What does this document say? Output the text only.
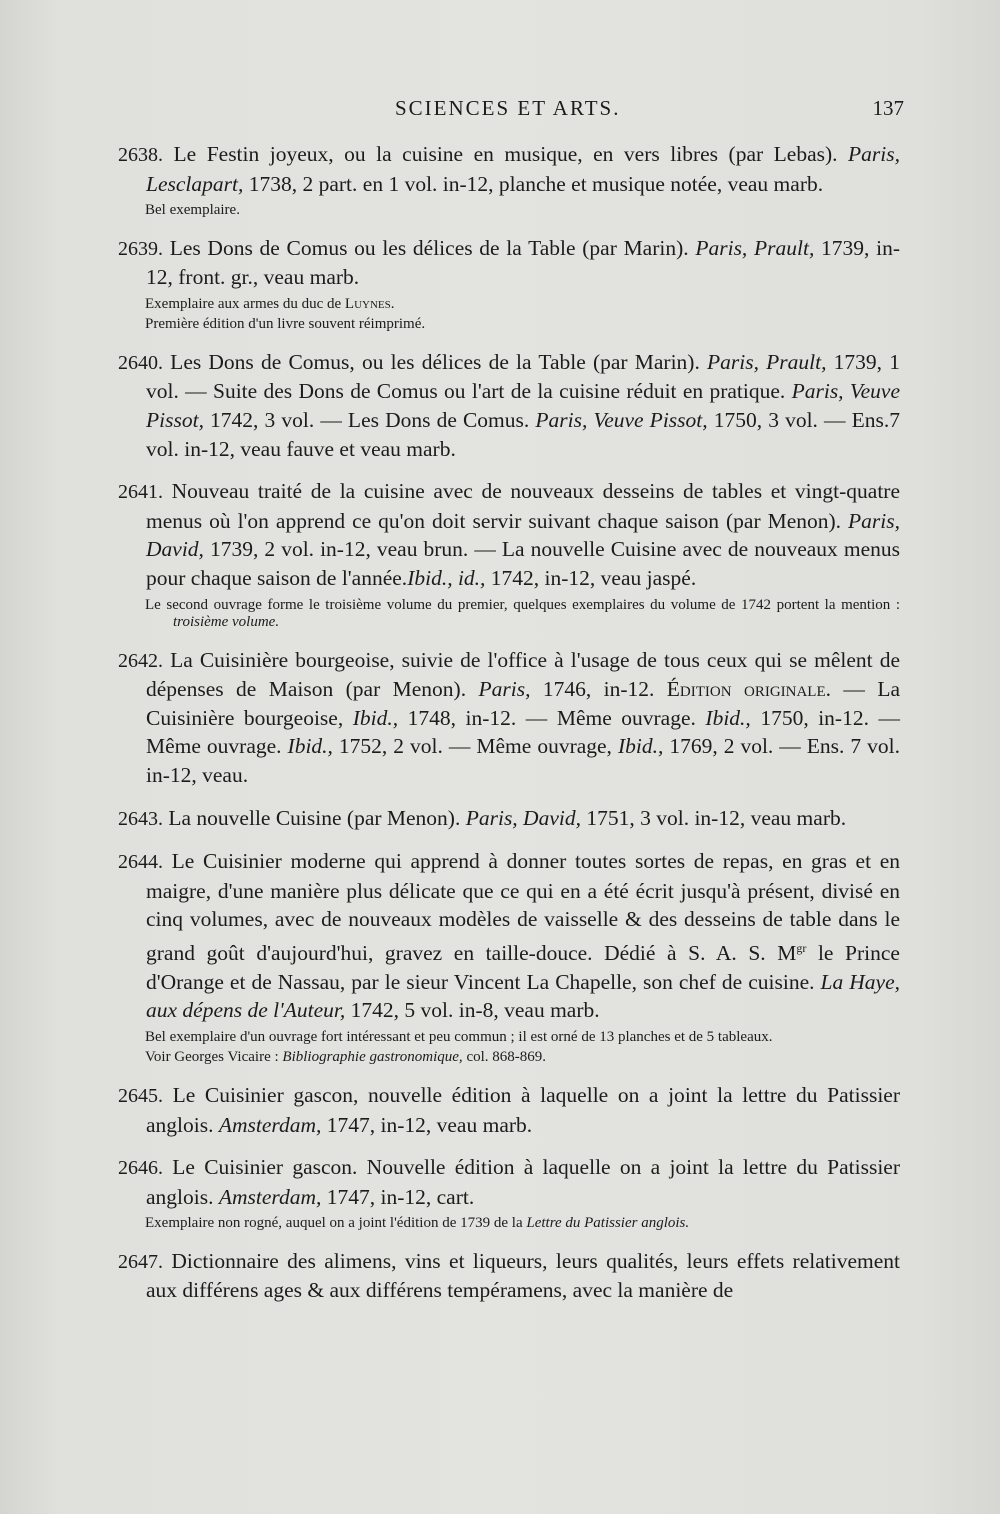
SCIENCES ET ARTS.	137
2638. Le Festin joyeux, ou la cuisine en musique, en vers libres (par Lebas). Paris, Lesclapart, 1738, 2 part. en 1 vol. in-12, planche et musique notée, veau marb.

Bel exemplaire.

2639. Les Dons de Comus ou les délices de la Table (par Marin). Paris, Prault, 1739, in-12, front. gr., veau marb.

Exemplaire aux armes du duc de Luynes.

Première édition d'un livre souvent réimprimé.

2640. Les Dons de Comus, ou les délices de la Table (par Marin). Paris, Prault, 1739, 1 vol. — Suite des Dons de Comus ou l'art de la cuisine réduit en pratique. Paris, Veuve Pissot, 1742, 3 vol. — Les Dons de Comus. Paris, Veuve Pissot, 1750, 3 vol. — Ens.7 vol. in-12, veau fauve et veau marb.
2641. Nouveau traité de la cuisine avec de nouveaux desseins de tables et vingt-quatre menus où l'on apprend ce qu'on doit servir suivant chaque saison (par Menon). Paris, David, 1739, 2 vol. in-12, veau brun. — La nouvelle Cuisine avec de nouveaux menus pour chaque saison de l'année.Ibid., id., 1742, in-12, veau jaspé.

Le second ouvrage forme le troisième volume du premier, quelques exemplaires du volume de 1742 portent la mention : troisième volume.

2642. La Cuisinière bourgeoise, suivie de l'office à l'usage de tous ceux qui se mêlent de dépenses de Maison (par Menon). Paris, 1746, in-12. Édition originale. — La Cuisinière bourgeoise, Ibid., 1748, in-12. — Même ouvrage. Ibid., 1750, in-12. — Même ouvrage. Ibid., 1752, 2 vol. — Même ouvrage, Ibid., 1769, 2 vol. — Ens. 7 vol. in-12, veau.
2643. La nouvelle Cuisine (par Menon). Paris, David, 1751, 3 vol. in-12, veau marb.
2644. Le Cuisinier moderne qui apprend à donner toutes sortes de repas, en gras et en maigre, d'une manière plus délicate que ce qui en a été écrit jusqu'à présent, divisé en cinq volumes, avec de nouveaux modèles de vaisselle & des desseins de table dans le grand goût d'aujourd'hui, gravez en taille-douce. Dédié à S. A. S. $M^{gr}$ le Prince d'Orange et de Nassau, par le sieur Vincent La Chapelle, son chef de cuisine. La Haye, aux dépens de l'Auteur, 1742, 5 vol. in-8, veau marb.

Bel exemplaire d'un ouvrage fort intéressant et peu commun ; il est orné de 13 planches et de 5 tableaux.

Voir Georges Vicaire : Bibliographie gastronomique, col. 868-869.

2645. Le Cuisinier gascon, nouvelle édition à laquelle on a joint la lettre du Patissier anglois. Amsterdam, 1747, in-12, veau marb.
2646. Le Cuisinier gascon. Nouvelle édition à laquelle on a joint la lettre du Patissier anglois. Amsterdam, 1747, in-12, cart.

Exemplaire non rogné, auquel on a joint l'édition de 1739 de la Lettre du Patissier anglois.

2647. Dictionnaire des alimens, vins et liqueurs, leurs qualités, leurs effets relativement aux différens ages & aux différens tempéramens, avec la manière de
